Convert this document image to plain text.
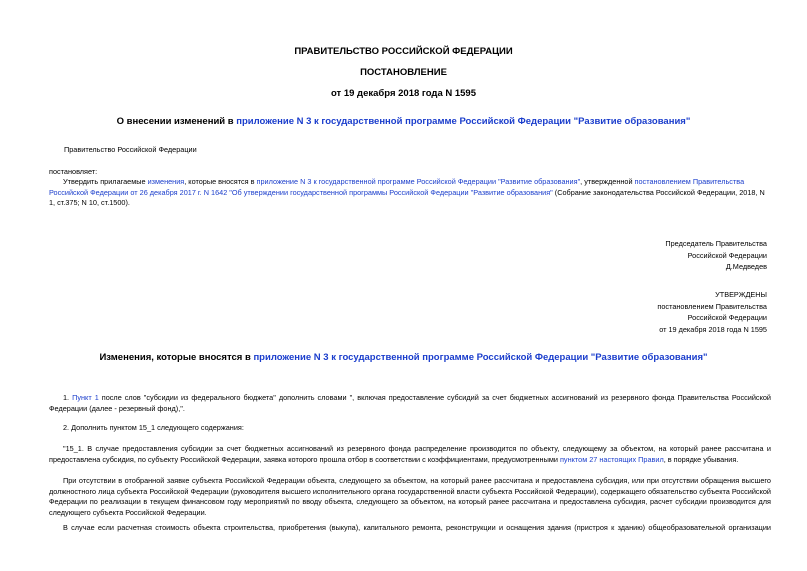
ПРАВИТЕЛЬСТВО РОССИЙСКОЙ ФЕДЕРАЦИИ
ПОСТАНОВЛЕНИЕ
от 19 декабря 2018 года N 1595
О внесении изменений в приложение N 3 к государственной программе Российской Федерации "Развитие образования"
Правительство Российской Федерации
постановляет:
Утвердить прилагаемые изменения, которые вносятся в приложение N 3 к государственной программе Российской Федерации "Развитие образования", утвержденной постановлением Правительства Российской Федерации от 26 декабря 2017 г. N 1642 "Об утверждении государственной программы Российской Федерации "Развитие образования" (Собрание законодательства Российской Федерации, 2018, N 1, ст.375; N 10, ст.1500).
Председатель Правительства
Российской Федерации
Д.Медведев
УТВЕРЖДЕНЫ
постановлением Правительства
Российской Федерации
от 19 декабря 2018 года N 1595
Изменения, которые вносятся в приложение N 3 к государственной программе Российской Федерации "Развитие образования"
1. Пункт 1 после слов "субсидии из федерального бюджета" дополнить словами ", включая предоставление субсидий за счет бюджетных ассигнований из резервного фонда Правительства Российской Федерации (далее - резервный фонд),".
2. Дополнить пунктом 15_1 следующего содержания:
"15_1. В случае предоставления субсидии за счет бюджетных ассигнований из резервного фонда распределение производится по объекту, следующему за объектом, на который ранее рассчитана и предоставлена субсидия, по субъекту Российской Федерации, заявка которого прошла отбор в соответствии с коэффициентами, предусмотренными пунктом 27 настоящих Правил, в порядке убывания.
При отсутствии в отобранной заявке субъекта Российской Федерации объекта, следующего за объектом, на который ранее рассчитана и предоставлена субсидия, или при отсутствии обращения высшего должностного лица субъекта Российской Федерации (руководителя высшего исполнительного органа государственной власти субъекта Российской Федерации), содержащего обязательство субъекта Российской Федерации по реализации в текущем финансовом году мероприятий по вводу объекта, следующего за объектом, на который ранее рассчитана и предоставлена субсидия, расчет субсидии производится для следующего субъекта Российской Федерации.
В случае если расчетная стоимость объекта строительства, приобретения (выкупа), капитального ремонта, реконструкции и оснащения здания (пристроя к зданию) общеобразовательной организации
